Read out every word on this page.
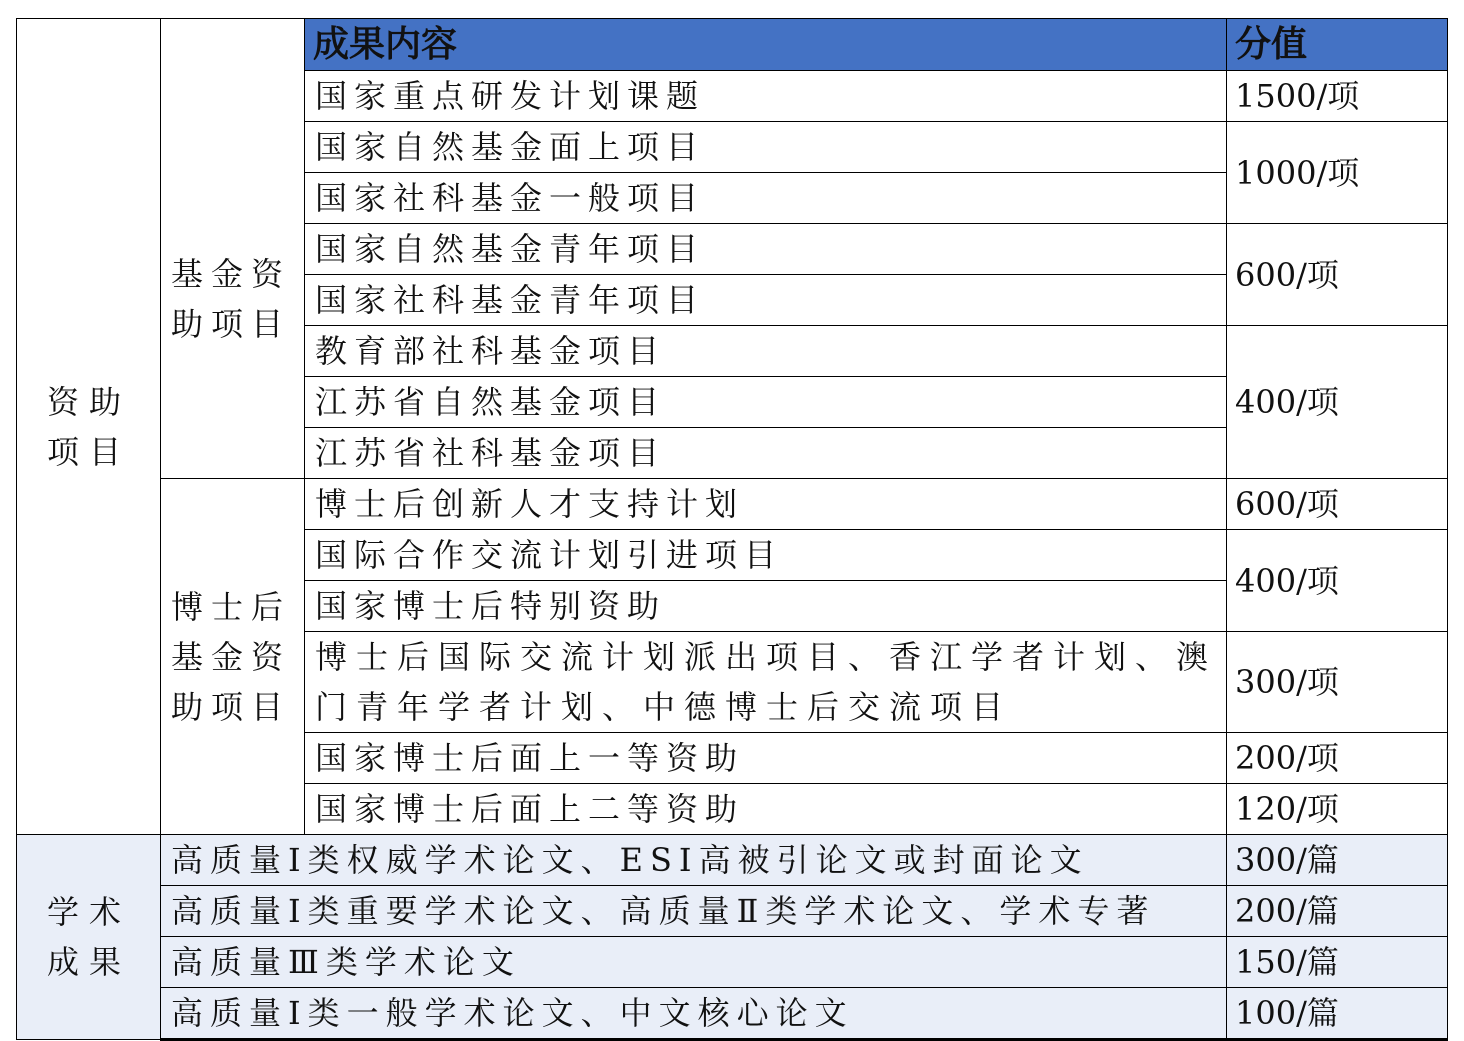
资助项目	基金资助项目	成果内容	分值
		国家重点研发计划课题	1500/项
		国家自然基金面上项目	1000/项
		国家社科基金一般项目	
		国家自然基金青年项目	600/项
		国家社科基金青年项目	
		教育部社科基金项目	400/项
		江苏省自然基金项目	
		江苏省社科基金项目	
	博士后基金资助项目	博士后创新人才支持计划	600/项
		国际合作交流计划引进项目	400/项
		国家博士后特别资助	
		博士后国际交流计划派出项目、香江学者计划、澳门青年学者计划、中德博士后交流项目	300/项
		国家博士后面上一等资助	200/项
		国家博士后面上二等资助	120/项
学术成果	高质量Ⅰ类权威学术论文、ESI高被引论文或封面论文		300/篇
	高质量Ⅰ类重要学术论文、高质量Ⅱ类学术论文、学术专著		200/篇
	高质量Ⅲ类学术论文		150/篇
	高质量Ⅰ类一般学术论文、中文核心论文		100/篇
